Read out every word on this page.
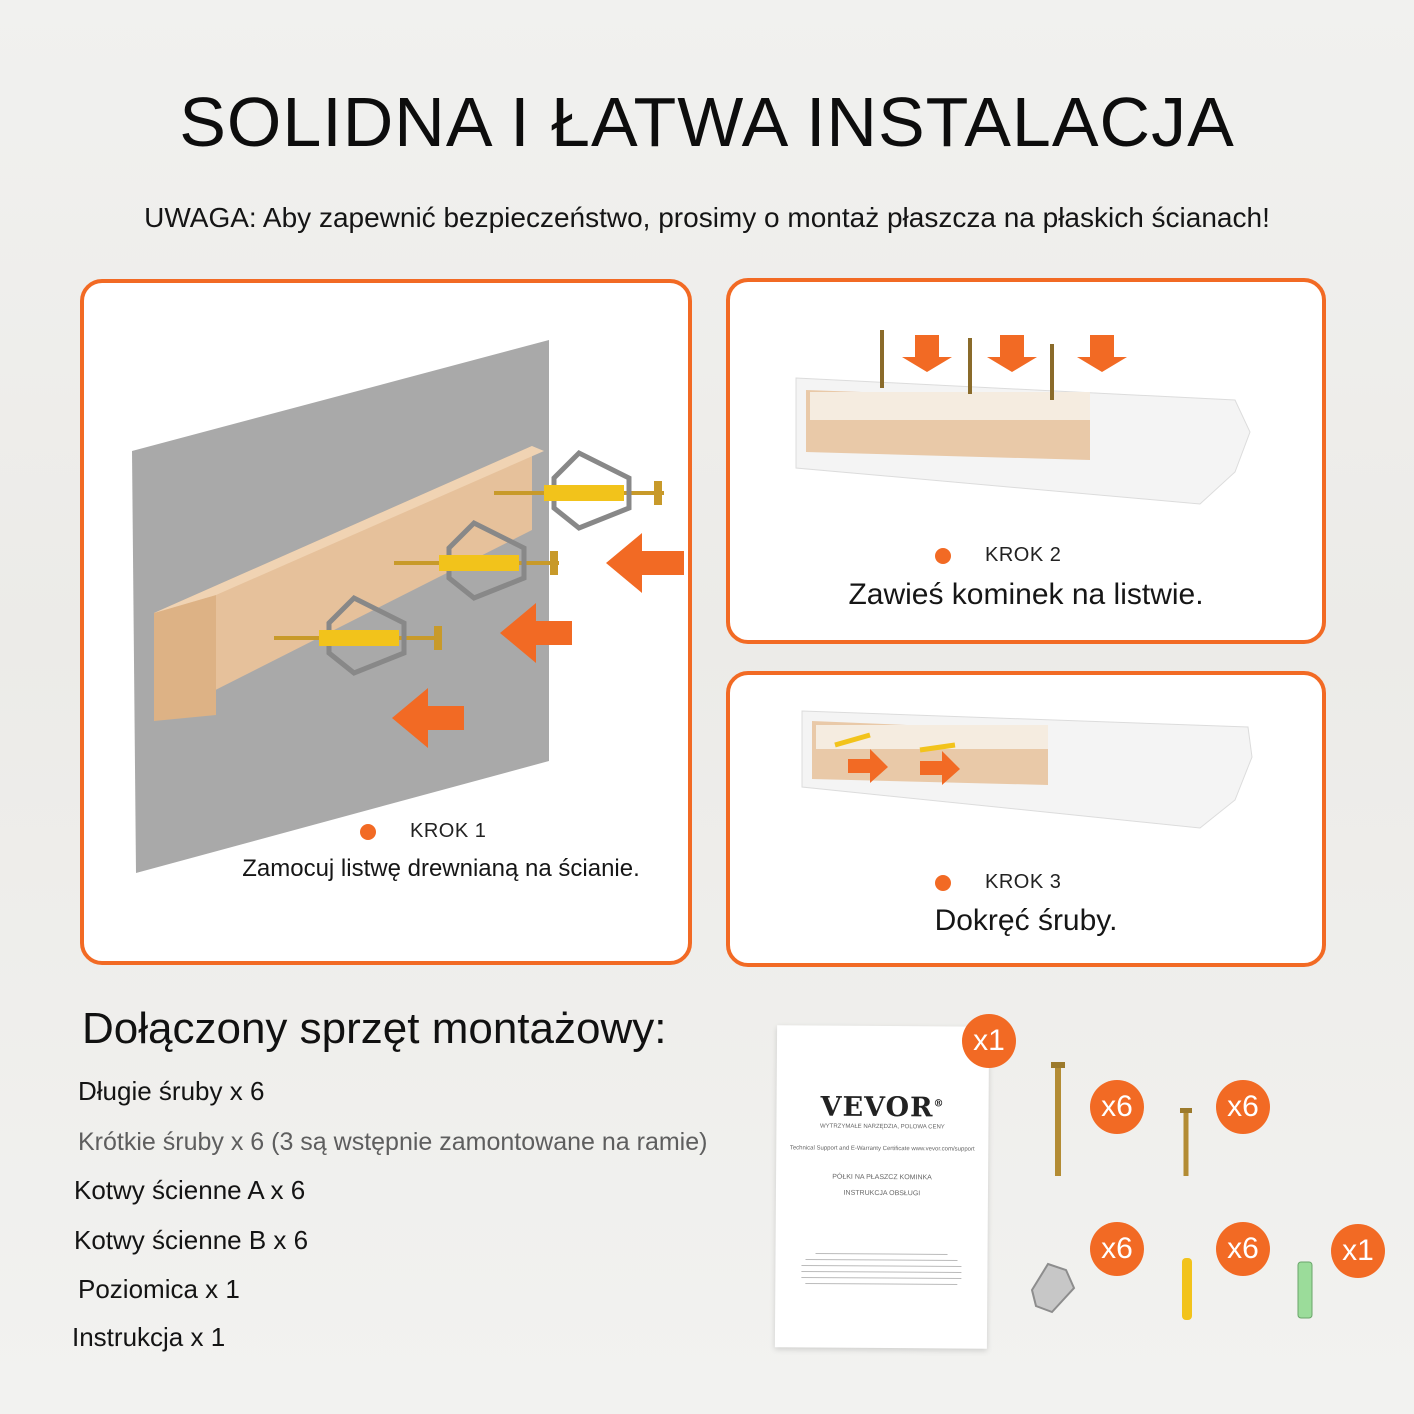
SOLIDNA I ŁATWA INSTALACJA
UWAGA: Aby zapewnić bezpieczeństwo, prosimy o montaż płaszcza na płaskich ścianach!
KROK 1
Zamocuj listwę drewnianą na ścianie.
KROK 2
Zawieś kominek na listwie.
KROK 3
Dokręć śruby.
Dołączony sprzęt montażowy:
Długie śruby x 6
Krótkie śruby x 6 (3 są wstępnie zamontowane na ramie)
Kotwy ścienne A x 6
Kotwy ścienne B x 6
Poziomica x 1
Instrukcja x 1
VEVOR®
WYTRZYMAŁE NARZĘDZIA, POLOWA CENY
Technical Support and E-Warranty Certificate www.vevor.com/support
PÓŁKI NA PŁASZCZ KOMINKA
INSTRUKCJA OBSŁUGI
x1
x6	x6
x6	x6	x1
